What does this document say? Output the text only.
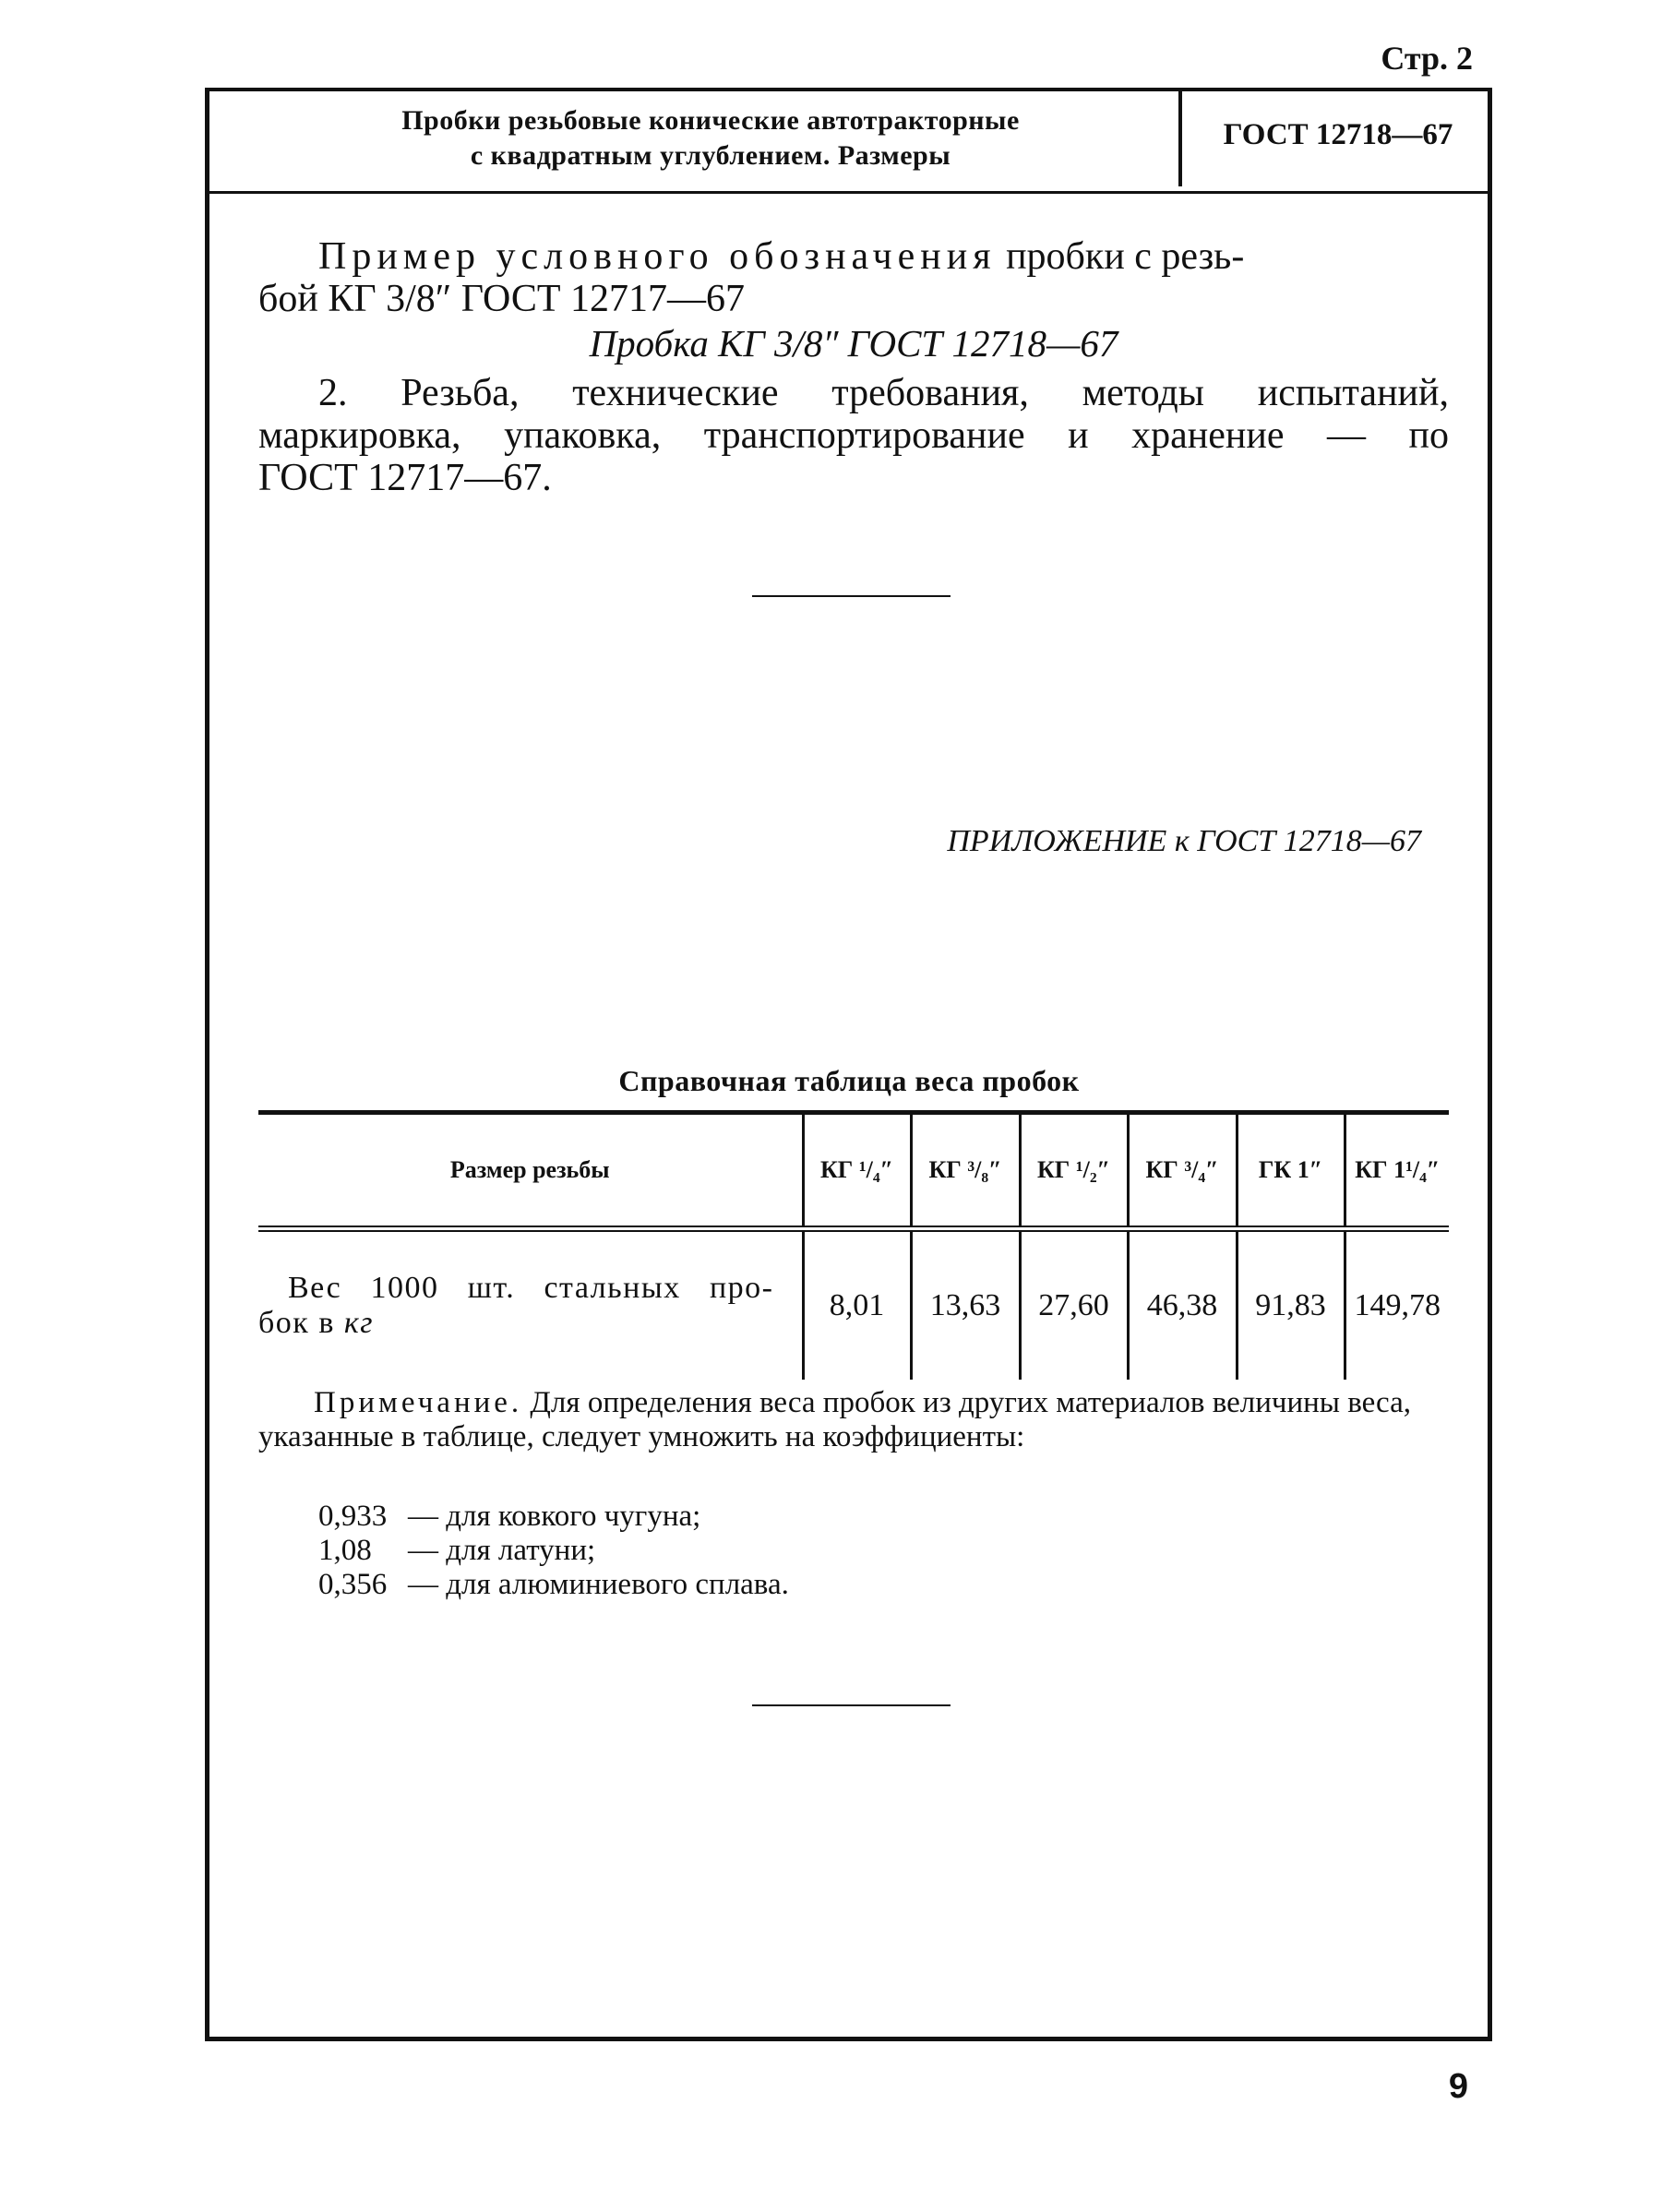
Стр. 2
Пробки резьбовые конические автотракторные
с квадратным углублением. Размеры
ГОСТ 12718—67
Пример условного обозначения пробки с резь-
бой КГ 3/8″ ГОСТ 12717—67
Пробка КГ 3/8″ ГОСТ 12718—67
2. Резьба, технические требования, методы испытаний,
маркировка, упаковка, транспортирование и хранение — по
ГОСТ 12717—67.
ПРИЛОЖЕНИЕ к ГОСТ 12718—67
Справочная таблица веса пробок
Размер резьбы	КГ ¹/₄″	КГ ³/₈″	КГ ¹/₂″	КГ ³/₄″	ГК 1″	КГ 1¹/₄″

Вес 1000 шт. стальных про-
бок в кг	8,01	13,63	27,60	46,38	91,83	149,78
Примечание. Для определения веса пробок из других материалов величины веса, указанные в таблице, следует умножить на коэффициенты:
0,933 — для ковкого чугуна;
1,08	— для латуни;
0,356 — для алюминиевого сплава.
9
